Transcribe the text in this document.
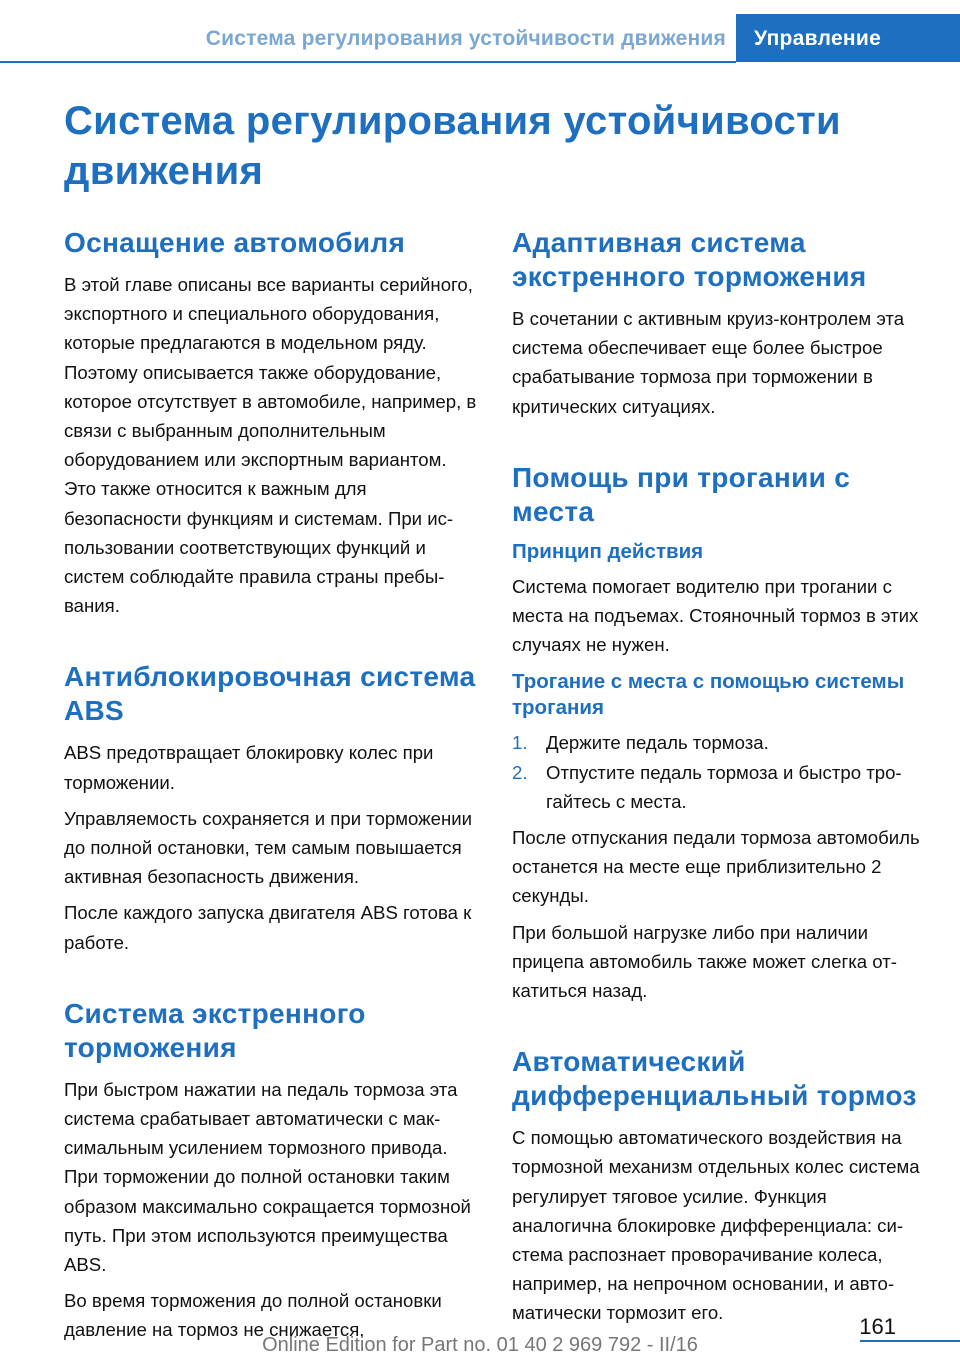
Система регулирования устойчивости движения	Управление
Система регулирования устойчивости движения
Оснащение автомобиля

В этой главе описаны все варианты серийного, экспортного и специального оборудования, которые предлагаются в модельном ряду. Поэтому описывается также оборудование, которое отсутствует в автомобиле, например, в связи с выбранным дополнительным оборудованием или экспортным вариантом. Это также относится к важным для безопасности функциям и системам. При использовании соответствующих функций и систем соблюдайте правила страны пребывания.

Антиблокировочная система ABS

ABS предотвращает блокировку колес при торможении.

Управляемость сохраняется и при торможении до полной остановки, тем самым повышается активная безопасность движения.

После каждого запуска двигателя ABS готова к работе.

Система экстренного торможения

При быстром нажатии на педаль тормоза эта система срабатывает автоматически с максимальным усилением тормозного привода. При торможении до полной остановки таким образом максимально сокращается тормозной путь. При этом используются преимущества ABS.

Во время торможения до полной остановки давление на тормоз не снижается.

Адаптивная система экстренного торможения

В сочетании с активным круиз-контролем эта система обеспечивает еще более быстрое срабатывание тормоза при торможении в критических ситуациях.

Помощь при трогании с места
Принцип действия

Система помогает водителю при трогании с места на подъемах. Стояночный тормоз в этих случаях не нужен.

Трогание с места с помощью системы трогания
1. Держите педаль тормоза.
2. Отпустите педаль тормоза и быстро трогайтесь с места.

После отпускания педали тормоза автомобиль останется на месте еще приблизительно 2 секунды.

При большой нагрузке либо при наличии прицепа автомобиль также может слегка откатиться назад.

Автоматический дифференциальный тормоз

С помощью автоматического воздействия на тормозной механизм отдельных колес система регулирует тяговое усилие. Функция аналогична блокировке дифференциала: система распознает проворачивание колеса, например, на непрочном основании, и автоматически тормозит его.

161
Online Edition for Part no. 01 40 2 969 792 - II/16
